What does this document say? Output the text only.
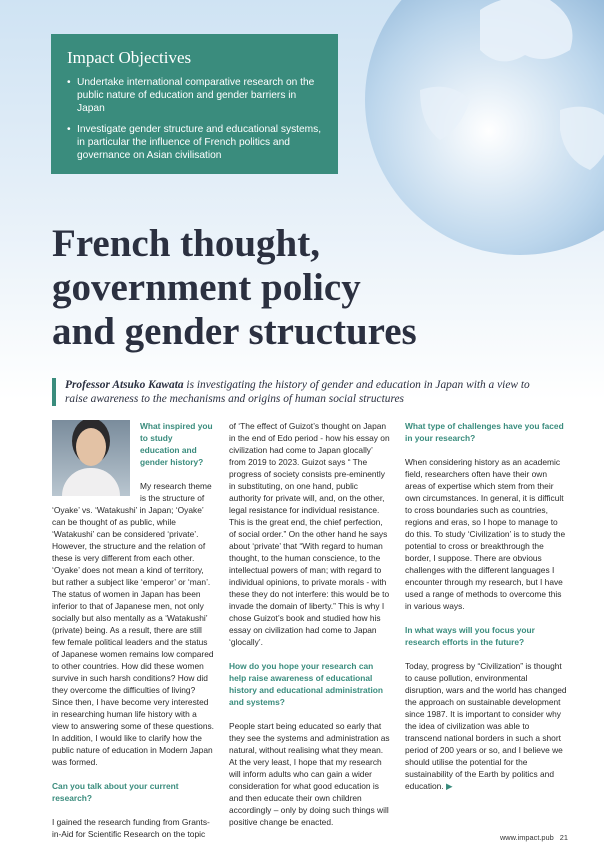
Impact Objectives
• Undertake international comparative research on the public nature of education and gender barriers in Japan
• Investigate gender structure and educational systems, in particular the influence of French politics and governance on Asian civilisation
French thought,
government policy
and gender structures
Professor Atsuko Kawata is investigating the history of gender and education in Japan with a view to raise awareness to the mechanisms and origins of human social structures

What inspired you to study education and gender history?

My research theme is the structure of ‘Oyake’ vs. ‘Watakushi’ in Japan; ‘Oyake’ can be thought of as public, while ‘Watakushi’ can be considered ‘private’. However, the structure and the relation of these is very different from each other. ‘Oyake’ does not mean a kind of territory, but rather a subject like ‘emperor’ or ‘man’. The status of women in Japan has been inferior to that of Japanese men, not only socially but also mentally as a ‘Watakushi’ (private) being. As a result, there are still few female political leaders and the status of Japanese women remains low compared to other countries. How did these women survive in such harsh conditions? How did they overcome the difficulties of living? Since then, I have become very interested in researching human life history with a view to answering some of these questions. In addition, I would like to clarify how the public nature of education in Modern Japan was formed.

Can you talk about your current research?

I gained the research funding from Grants-in-Aid for Scientific Research on the topic

of ‘The effect of Guizot’s thought on Japan in the end of Edo period - how his essay on civilization had come to Japan glocally’ from 2019 to 2023. Guizot says “ The progress of society consists pre-eminently in substituting, on one hand, public authority for private will, and, on the other, legal resistance for individual resistance. This is the great end, the chief perfection, of social order.” On the other hand he says about ‘private’ that “With regard to human thought, to the human conscience, to the intellectual powers of man; with regard to individual opinions, to private morals - with these they do not interfere: this would be to invade the domain of liberty.” This is why I chose Guizot’s book and studied how his essay on civilization had come to Japan ‘glocally’.

How do you hope your research can help raise awareness of educational history and educational administration and systems?

People start being educated so early that they see the systems and administration as natural, without realising what they mean. At the very least, I hope that my research will inform adults who can gain a wider consideration for what good education is and then educate their own children accordingly – only by doing such things will positive change be enacted.

What type of challenges have you faced in your research?

When considering history as an academic field, researchers often have their own areas of expertise which stem from their own circumstances. In general, it is difficult to cross boundaries such as countries, regions and eras, so I hope to manage to do this. To study ‘Civilization’ is to study the potential to cross or breakthrough the border, I suppose. There are obvious challenges with the different languages I encounter through my research, but I have used a range of methods to overcome this in various ways.

In what ways will you focus your research efforts in the future?

Today, progress by “Civilization” is thought to cause pollution, environmental disruption, wars and the world has changed the approach on sustainable development since 1987. It is important to consider why the idea of civilization was able to transcend national borders in such a short period of 200 years or so, and I believe we should utilise the potential for the sustainability of the Earth by politics and education. ▶

www.impact.pub 21
